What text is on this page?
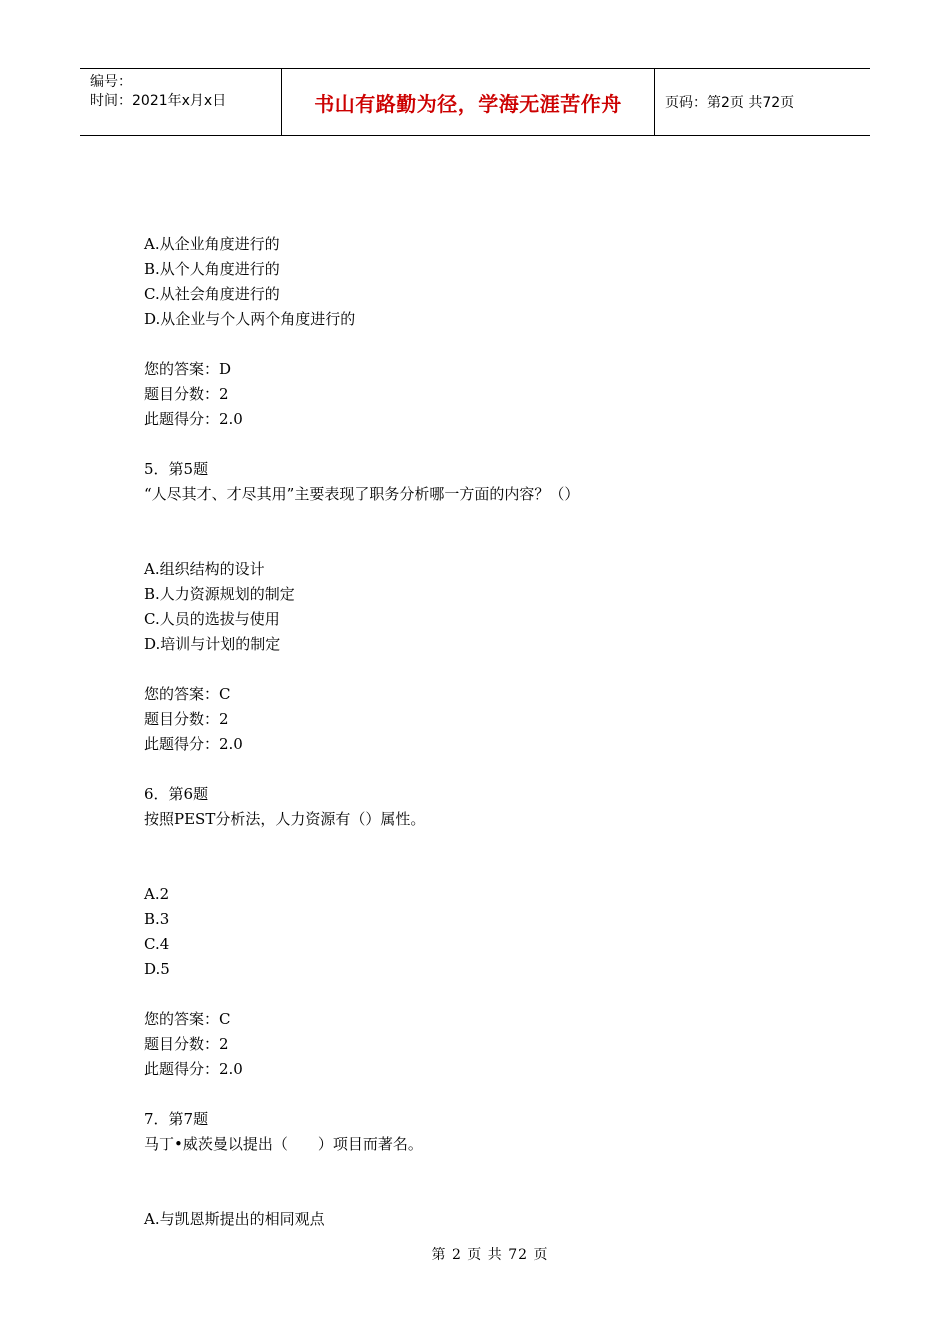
编号：
时间：2021年x月x日	书山有路勤为径，学海无涯苦作舟	页码：第2页 共72页
A.从企业角度进行的
B.从个人角度进行的
C.从社会角度进行的
D.从企业与个人两个角度进行的
您的答案：D
题目分数：2
此题得分：2.0
5．第5题
“人尽其才、才尽其用”主要表现了职务分析哪一方面的内容？（）
A.组织结构的设计
B.人力资源规划的制定
C.人员的选拔与使用
D.培训与计划的制定
您的答案：C
题目分数：2
此题得分：2.0
6．第6题
按照PEST分析法，人力资源有（）属性。
A.2
B.3
C.4
D.5
您的答案：C
题目分数：2
此题得分：2.0
7．第7题
马丁•威茨曼以提出（　　）项目而著名。
A.与凯恩斯提出的相同观点
第 2 页 共 72 页
